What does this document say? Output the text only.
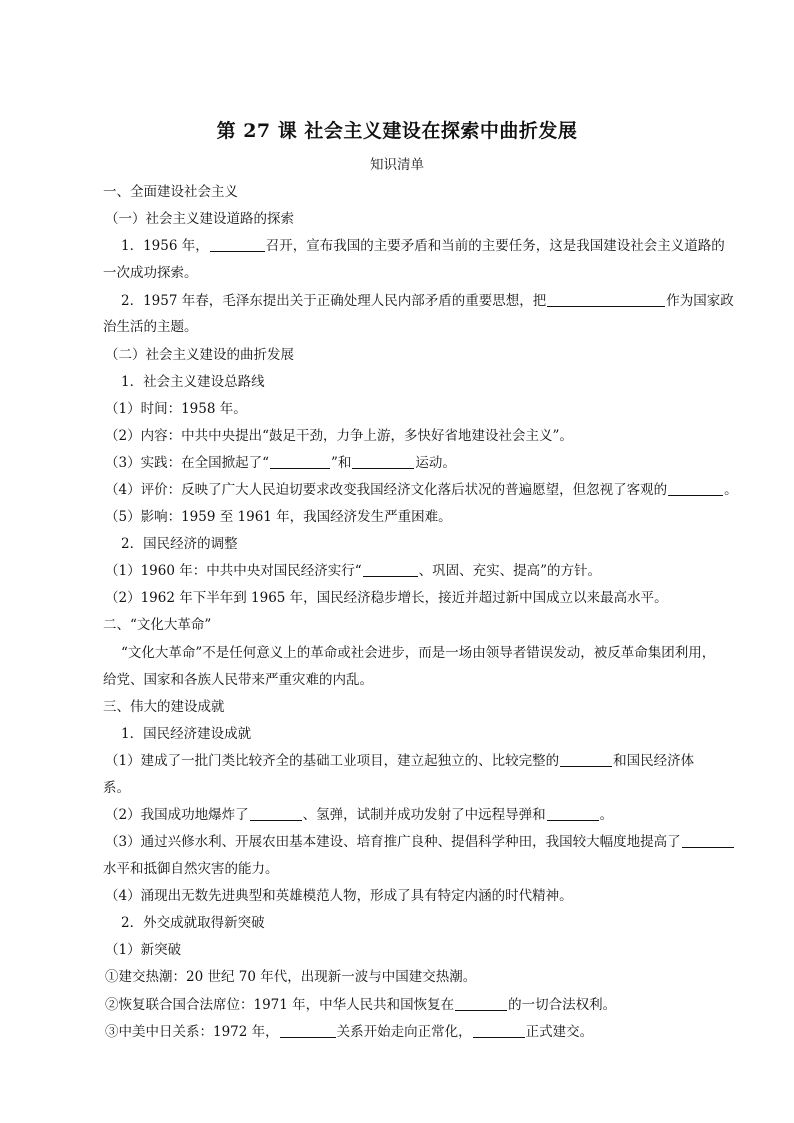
第 27 课 社会主义建设在探索中曲折发展
知识清单
一、全面建设社会主义
（一）社会主义建设道路的探索
1．1956 年，	召开，宣布我国的主要矛盾和当前的主要任务，这是我国建设社会主义道路的
一次成功探索。
2．1957 年春，毛泽东提出关于正确处理人民内部矛盾的重要思想，把	作为国家政
治生活的主题。
（二）社会主义建设的曲折发展
1．社会主义建设总路线
（1）时间：1958 年。
（2）内容：中共中央提出“鼓足干劲，力争上游，多快好省地建设社会主义”。
（3）实践：在全国掀起了“	”和	运动。
（4）评价：反映了广大人民迫切要求改变我国经济文化落后状况的普遍愿望，但忽视了客观的	。
（5）影响：1959 至 1961 年，我国经济发生严重困难。
2．国民经济的调整
（1）1960 年：中共中央对国民经济实行“	、巩固、充实、提高”的方针。
（2）1962 年下半年到 1965 年，国民经济稳步增长，接近并超过新中国成立以来最高水平。
二、“文化大革命”
“文化大革命”不是任何意义上的革命或社会进步，而是一场由领导者错误发动，被反革命集团利用，
给党、国家和各族人民带来严重灾难的内乱。
三、伟大的建设成就
1．国民经济建设成就
（1）建成了一批门类比较齐全的基础工业项目，建立起独立的、比较完整的	和国民经济体
系。
（2）我国成功地爆炸了	、氢弹，试制并成功发射了中远程导弹和	。
（3）通过兴修水利、开展农田基本建设、培育推广良种、提倡科学种田，我国较大幅度地提高了
水平和抵御自然灾害的能力。
（4）涌现出无数先进典型和英雄模范人物，形成了具有特定内涵的时代精神。
2．外交成就取得新突破
（1）新突破
①建交热潮：20 世纪 70 年代，出现新一波与中国建交热潮。
②恢复联合国合法席位：1971 年，中华人民共和国恢复在	的一切合法权利。
③中美中日关系：1972 年，	关系开始走向正常化，	正式建交。
